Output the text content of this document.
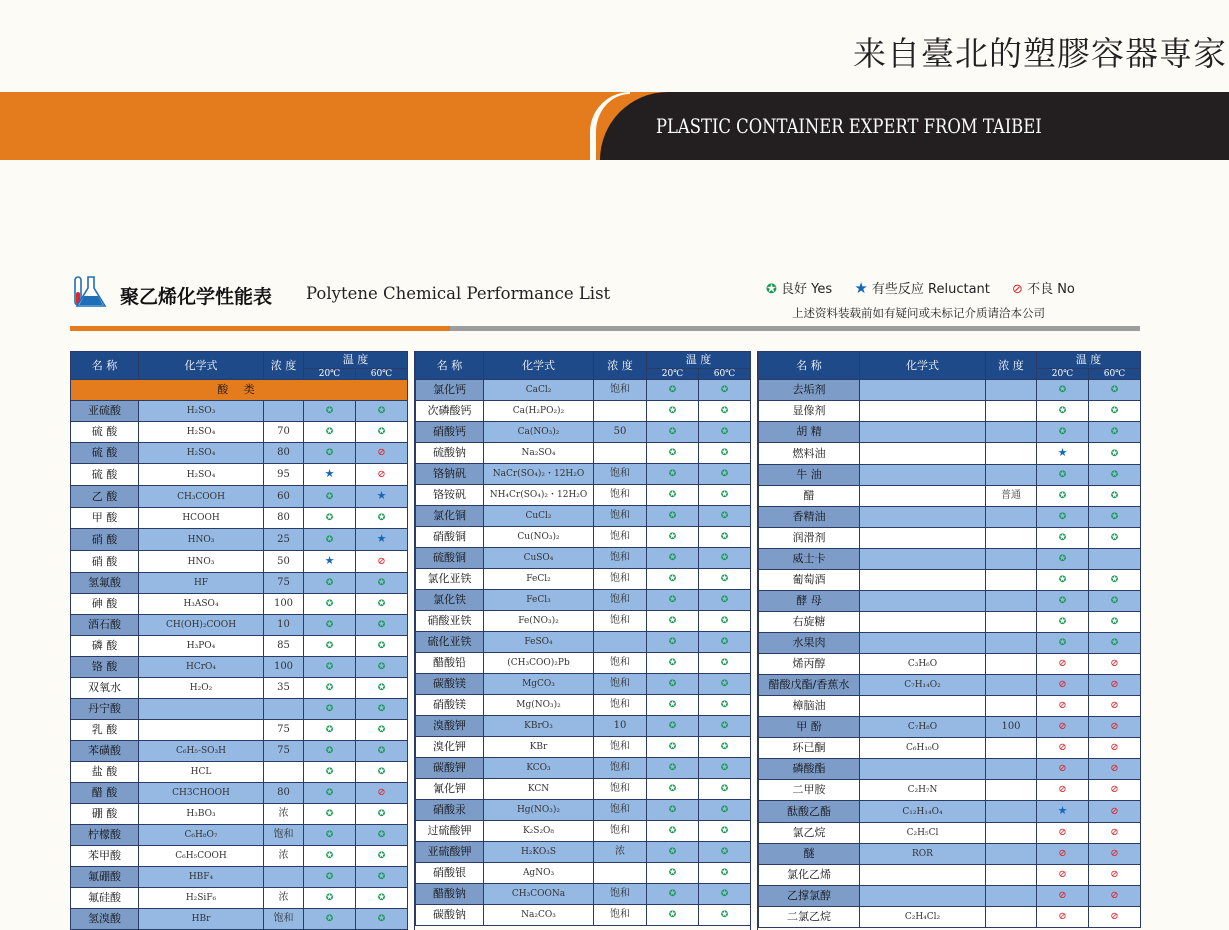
来自臺北的塑膠容器専家
PLASTIC CONTAINER EXPERT FROM TAIBEI
聚乙烯化学性能表 Polytene Chemical Performance List	✪ 良好 Yes ★ 有些反应 Reluctant ⊘ 不良 No
上述资料装载前如有疑问或未标记介质请洽本公司
名 称	化学式	浓 度	温 度	
			20℃	60℃
酸 类				
亚硫酸	H₂SO₃		✪	✪
硫 酸	H₂SO₄	70	✪	✪
硫 酸	H₂SO₄	80	✪	⊘
硫 酸	H₂SO₄	95	★	⊘
乙 酸	CH₃COOH	60	✪	★
甲 酸	HCOOH	80	✪	✪
硝 酸	HNO₃	25	✪	★
硝 酸	HNO₃	50	★	⊘
氢氟酸	HF	75	✪	✪
砷 酸	H₃ASO₄	100	✪	✪
酒石酸	CH(OH)₂COOH	10	✪	✪
磷 酸	H₃PO₄	85	✪	✪
铬 酸	HCrO₄	100	✪	✪
双氧水	H₂O₂	35	✪	✪
丹宁酸			✪	✪
乳 酸		75	✪	✪
苯磺酸	C₆H₅-SO₃H	75	✪	✪
盐 酸	HCL		✪	✪
醋 酸	CH3CHOOH	80	✪	⊘
硼 酸	H₃BO₃	浓	✪	✪
柠檬酸	C₆H₈O₇	饱和	✪	✪
苯甲酸	C₆H₅COOH	浓	✪	✪
氟硼酸	HBF₄		✪	✪
氟硅酸	H₂SiF₆	浓	✪	✪
氢溴酸	HBr	饱和	✪	✪
名 称	化学式	浓 度	温 度	
			20℃	60℃
氯化钙	CaCl₂	饱和	✪	✪
次磷酸钙	Ca(H₂PO₂)₂		✪	✪
硝酸钙	Ca(NO₃)₂	50	✪	✪
硫酸钠	Na₂SO₄		✪	✪
铬钠矾	NaCr(SO₄)₂・12H₂O	饱和	✪	✪
铬铵矾	NH₄Cr(SO₄)₂・12H₂O	饱和	✪	✪
氯化铜	CuCl₂	饱和	✪	✪
硝酸铜	Cu(NO₃)₂	饱和	✪	✪
硫酸铜	CuSO₄	饱和	✪	✪
氯化亚铁	FeCl₂	饱和	✪	✪
氯化铁	FeCl₃	饱和	✪	✪
硝酸亚铁	Fe(NO₃)₂	饱和	✪	✪
硫化亚铁	FeSO₄		✪	✪
醋酸铅	(CH₃COO)₂Pb	饱和	✪	✪
碳酸镁	MgCO₃	饱和	✪	✪
硝酸镁	Mg(NO₃)₂	饱和	✪	✪
溴酸钾	KBrO₃	10	✪	✪
溴化钾	KBr	饱和	✪	✪
碳酸钾	KCO₃	饱和	✪	✪
氰化钾	KCN	饱和	✪	✪
硝酸汞	Hg(NO₃)₂	饱和	✪	✪
过硫酸钾	K₂S₂O₈	饱和	✪	✪
亚硫酸钾	H₂KO₃S	浓	✪	✪
硝酸银	AgNO₃		✪	✪
醋酸钠	CH₃COONa	饱和	✪	✪
碳酸钠	Na₂CO₃	饱和	✪	✪
名 称	化学式	浓 度	温 度	
			20℃	60℃
去垢剂			✪	✪
显像剂			✪	✪
胡 精			✪	✪
燃料油			★	✪
牛 油			✪	✪
醋		普通	✪	✪
香精油			✪	✪
润滑剂			✪	✪
威士卡			✪	
葡萄酒			✪	✪
酵 母			✪	✪
右旋糖			✪	✪
水果肉			✪	✪
烯丙醇	C₃H₆O		⊘	⊘
醋酸戊酯/香蕉水	C₇H₁₄O₂		⊘	⊘
樟脑油			⊘	⊘
甲 酚	C₇H₈O	100	⊘	⊘
环已酮	C₆H₁₀O		⊘	⊘
磷酸酯			⊘	⊘
二甲胺	C₂H₇N		⊘	⊘
酞酸乙酯	C₁₂H₁₄O₄		★	⊘
氯乙烷	C₂H₅Cl		⊘	⊘
醚	ROR		⊘	⊘
氯化乙烯			⊘	⊘
乙撑氯醇			⊘	⊘
二氯乙烷	C₂H₄Cl₂		⊘	⊘
